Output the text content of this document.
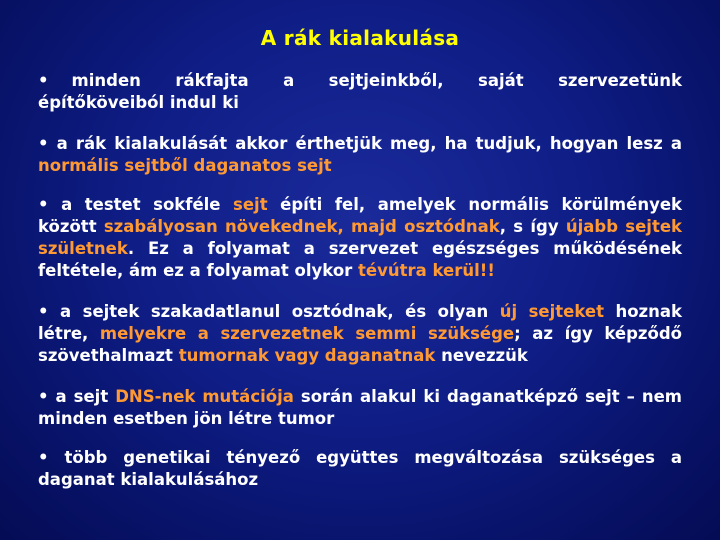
A rák kialakulása
• minden rákfajta a sejtjeinkből, saját szervezetünk
építőköveiból indul ki

• a rák kialakulását akkor érthetjük meg, ha tudjuk, hogyan lesz a normális sejtből daganatos sejt

• a testet sokféle sejt építi fel, amelyek normális körülmények között szabályosan növekednek, majd osztódnak, s így újabb sejtek születnek. Ez a folyamat a szervezet egészséges működésének feltétele, ám ez a folyamat olykor tévútra kerül!!

• a sejtek szakadatlanul osztódnak, és olyan új sejteket hoznak létre, melyekre a szervezetnek semmi szüksége; az így képződő szövethalmazt tumornak vagy daganatnak nevezzük

• a sejt DNS-nek mutációja során alakul ki daganatképző sejt – nem minden esetben jön létre tumor

• több genetikai tényező együttes megváltozása szükséges a daganat kialakulásához
